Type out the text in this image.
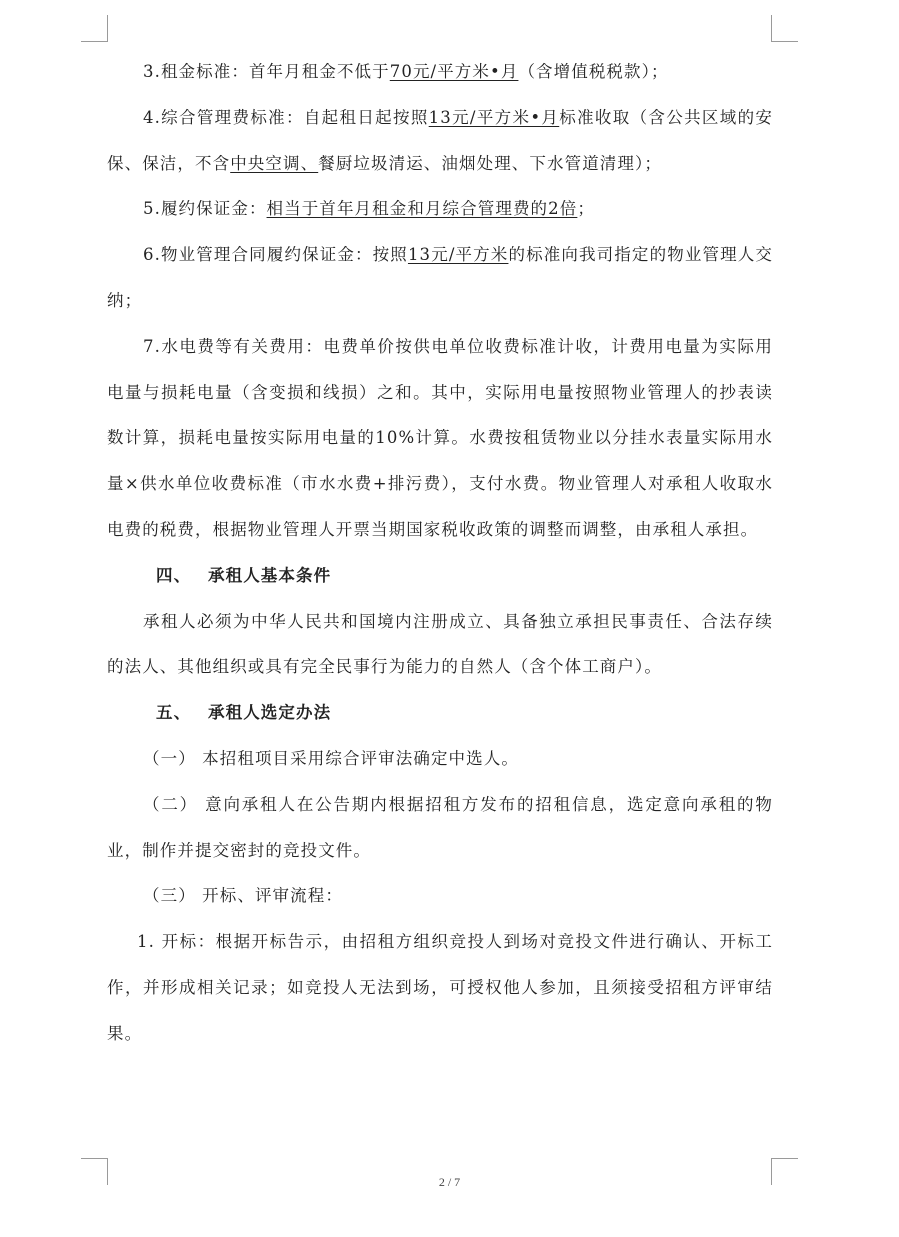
3.租金标准：首年月租金不低于70元/平方米•月（含增值税税款）；

4.综合管理费标准：自起租日起按照13元/平方米•月标准收取（含公共区域的安保、保洁，不含中央空调、餐厨垃圾清运、油烟处理、下水管道清理）；

5.履约保证金：相当于首年月租金和月综合管理费的2倍；

6.物业管理合同履约保证金：按照13元/平方米的标准向我司指定的物业管理人交纳；

7.水电费等有关费用：电费单价按供电单位收费标准计收，计费用电量为实际用电量与损耗电量（含变损和线损）之和。其中，实际用电量按照物业管理人的抄表读数计算，损耗电量按实际用电量的10%计算。水费按租赁物业以分挂水表量实际用水量×供水单位收费标准（市水水费+排污费），支付水费。物业管理人对承租人收取水电费的税费，根据物业管理人开票当期国家税收政策的调整而调整，由承租人承担。

四、 承租人基本条件

承租人必须为中华人民共和国境内注册成立、具备独立承担民事责任、合法存续的法人、其他组织或具有完全民事行为能力的自然人（含个体工商户）。

五、 承租人选定办法

（一） 本招租项目采用综合评审法确定中选人。

（二） 意向承租人在公告期内根据招租方发布的招租信息，选定意向承租的物业，制作并提交密封的竞投文件。

（三） 开标、评审流程：

1. 开标：根据开标告示，由招租方组织竞投人到场对竞投文件进行确认、开标工作，并形成相关记录；如竞投人无法到场，可授权他人参加，且须接受招租方评审结果。

2 / 7
